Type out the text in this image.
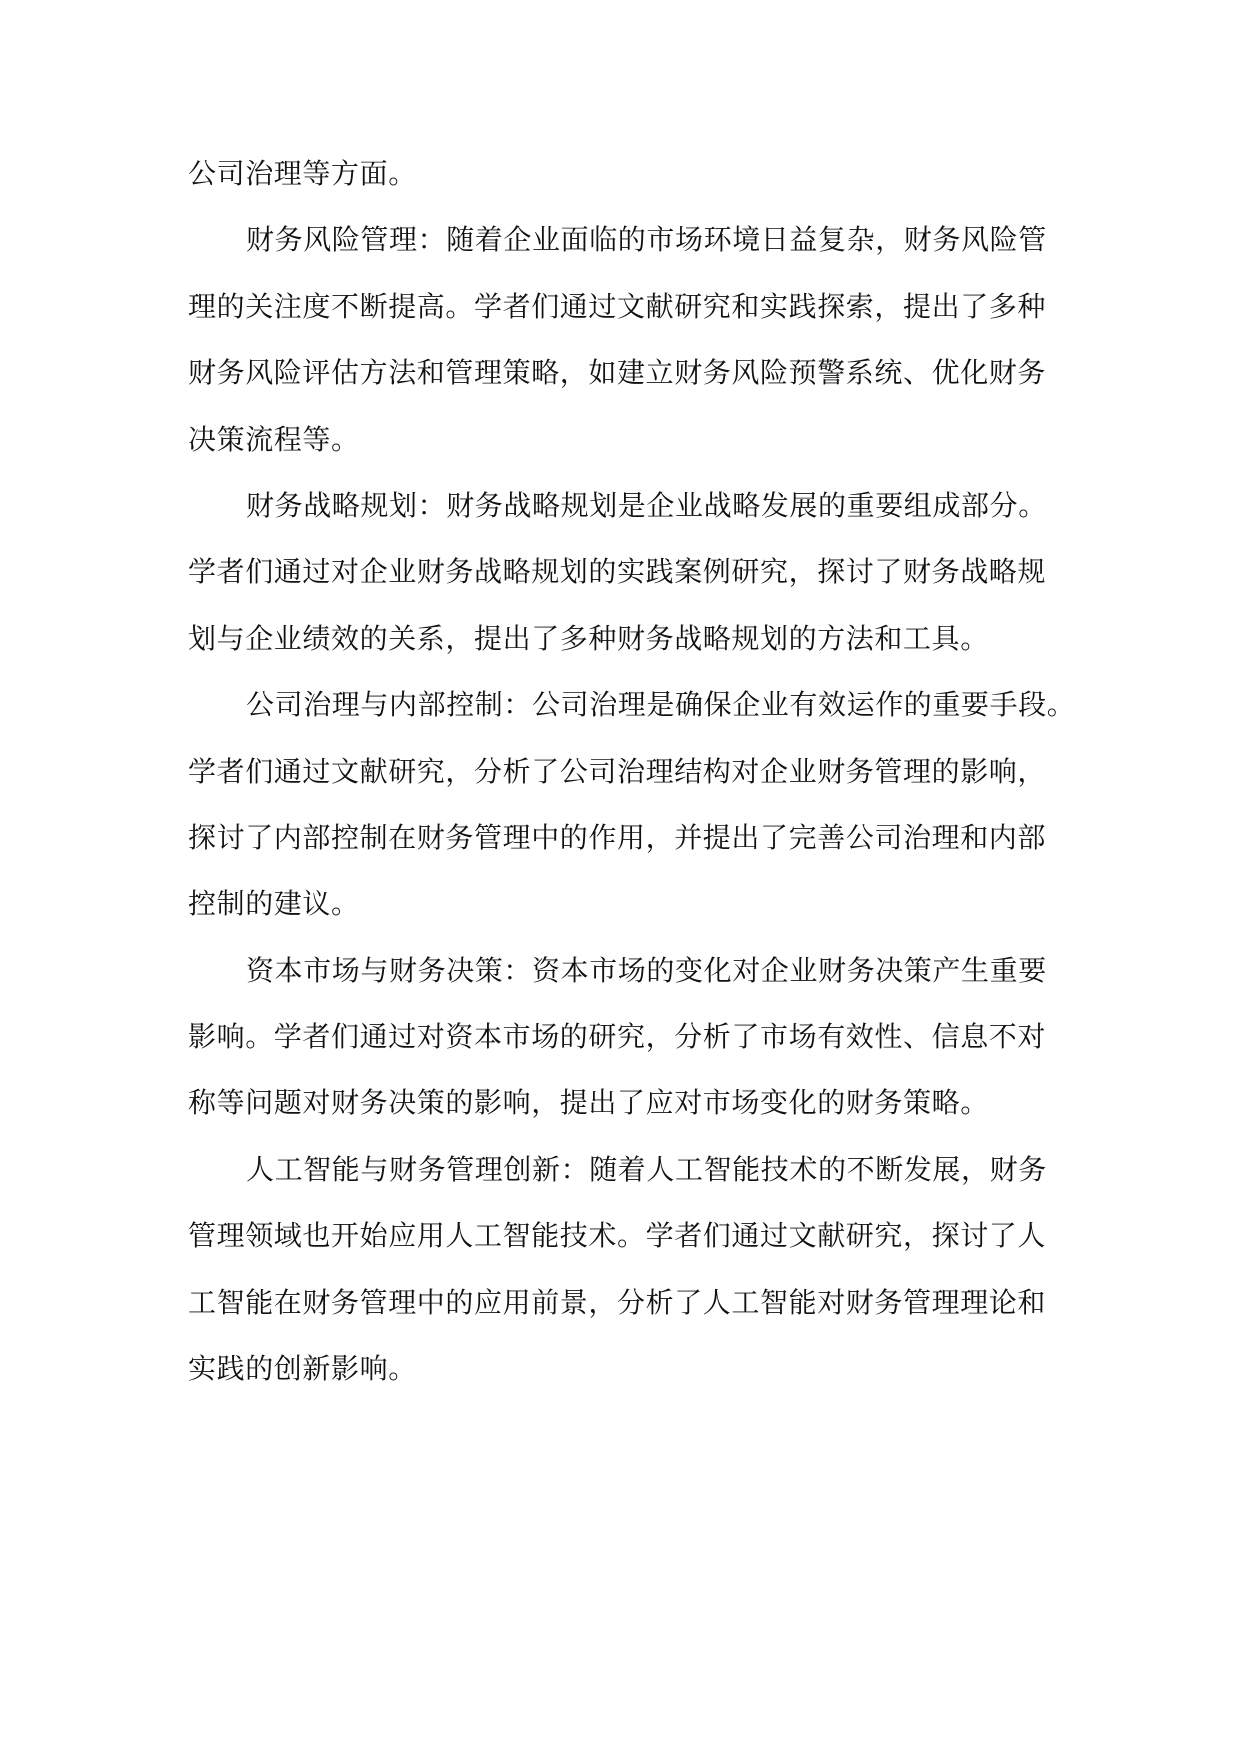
公司治理等方面。

财务风险管理：随着企业面临的市场环境日益复杂，财务风险管
理的关注度不断提高。学者们通过文献研究和实践探索，提出了多种
财务风险评估方法和管理策略，如建立财务风险预警系统、优化财务
决策流程等。

财务战略规划：财务战略规划是企业战略发展的重要组成部分。
学者们通过对企业财务战略规划的实践案例研究，探讨了财务战略规
划与企业绩效的关系，提出了多种财务战略规划的方法和工具。

公司治理与内部控制：公司治理是确保企业有效运作的重要手段。
学者们通过文献研究，分析了公司治理结构对企业财务管理的影响，
探讨了内部控制在财务管理中的作用，并提出了完善公司治理和内部
控制的建议。

资本市场与财务决策：资本市场的变化对企业财务决策产生重要
影响。学者们通过对资本市场的研究，分析了市场有效性、信息不对
称等问题对财务决策的影响，提出了应对市场变化的财务策略。

人工智能与财务管理创新：随着人工智能技术的不断发展，财务
管理领域也开始应用人工智能技术。学者们通过文献研究，探讨了人
工智能在财务管理中的应用前景，分析了人工智能对财务管理理论和
实践的创新影响。
